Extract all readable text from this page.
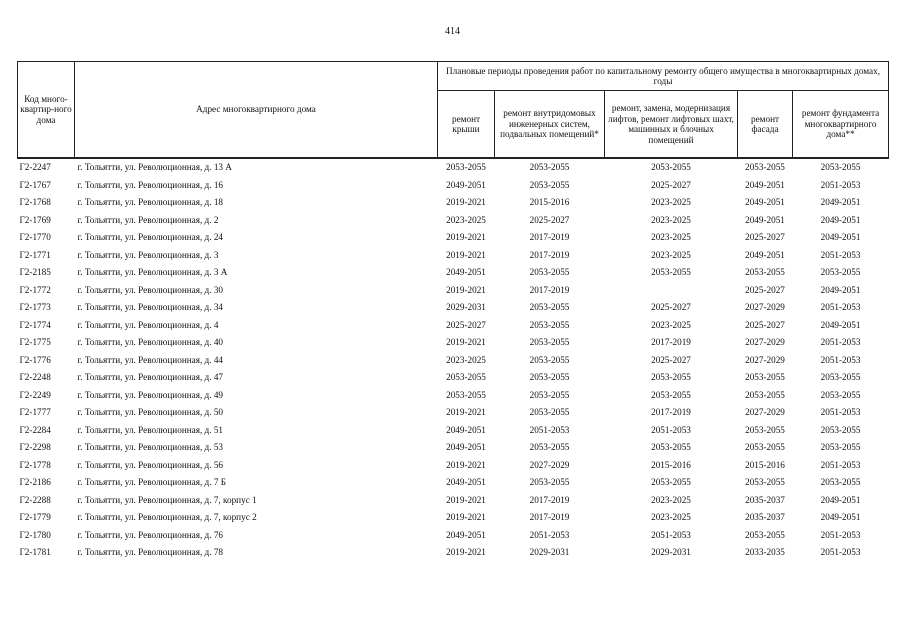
414
Код много-квартир-ного дома	Адрес многоквартирного дома	Плановые периоды проведения работ по капитальному ремонту общего имущества в многоквартирных домах, годы				
		ремонт крыши	ремонт внутридомовых инженерных систем, подвальных помещений*	ремонт, замена, модернизация лифтов, ремонт лифтовых шахт, машинных и блочных помещений	ремонт фасада	ремонт фундамента многоквартирного дома**
Г2-2247	г. Тольятти, ул. Революционная, д. 13 А	2053-2055	2053-2055	2053-2055	2053-2055	2053-2055
Г2-1767	г. Тольятти, ул. Революционная, д. 16	2049-2051	2053-2055	2025-2027	2049-2051	2051-2053
Г2-1768	г. Тольятти, ул. Революционная, д. 18	2019-2021	2015-2016	2023-2025	2049-2051	2049-2051
Г2-1769	г. Тольятти, ул. Революционная, д. 2	2023-2025	2025-2027	2023-2025	2049-2051	2049-2051
Г2-1770	г. Тольятти, ул. Революционная, д. 24	2019-2021	2017-2019	2023-2025	2025-2027	2049-2051
Г2-1771	г. Тольятти, ул. Революционная, д. 3	2019-2021	2017-2019	2023-2025	2049-2051	2051-2053
Г2-2185	г. Тольятти, ул. Революционная, д. 3 А	2049-2051	2053-2055	2053-2055	2053-2055	2053-2055
Г2-1772	г. Тольятти, ул. Революционная, д. 30	2019-2021	2017-2019		2025-2027	2049-2051
Г2-1773	г. Тольятти, ул. Революционная, д. 34	2029-2031	2053-2055	2025-2027	2027-2029	2051-2053
Г2-1774	г. Тольятти, ул. Революционная, д. 4	2025-2027	2053-2055	2023-2025	2025-2027	2049-2051
Г2-1775	г. Тольятти, ул. Революционная, д. 40	2019-2021	2053-2055	2017-2019	2027-2029	2051-2053
Г2-1776	г. Тольятти, ул. Революционная, д. 44	2023-2025	2053-2055	2025-2027	2027-2029	2051-2053
Г2-2248	г. Тольятти, ул. Революционная, д. 47	2053-2055	2053-2055	2053-2055	2053-2055	2053-2055
Г2-2249	г. Тольятти, ул. Революционная, д. 49	2053-2055	2053-2055	2053-2055	2053-2055	2053-2055
Г2-1777	г. Тольятти, ул. Революционная, д. 50	2019-2021	2053-2055	2017-2019	2027-2029	2051-2053
Г2-2284	г. Тольятти, ул. Революционная, д. 51	2049-2051	2051-2053	2051-2053	2053-2055	2053-2055
Г2-2298	г. Тольятти, ул. Революционная, д. 53	2049-2051	2053-2055	2053-2055	2053-2055	2053-2055
Г2-1778	г. Тольятти, ул. Революционная, д. 56	2019-2021	2027-2029	2015-2016	2015-2016	2051-2053
Г2-2186	г. Тольятти, ул. Революционная, д. 7 Б	2049-2051	2053-2055	2053-2055	2053-2055	2053-2055
Г2-2288	г. Тольятти, ул. Революционная, д. 7, корпус 1	2019-2021	2017-2019	2023-2025	2035-2037	2049-2051
Г2-1779	г. Тольятти, ул. Революционная, д. 7, корпус 2	2019-2021	2017-2019	2023-2025	2035-2037	2049-2051
Г2-1780	г. Тольятти, ул. Революционная, д. 76	2049-2051	2051-2053	2051-2053	2053-2055	2051-2053
Г2-1781	г. Тольятти, ул. Революционная, д. 78	2019-2021	2029-2031	2029-2031	2033-2035	2051-2053
